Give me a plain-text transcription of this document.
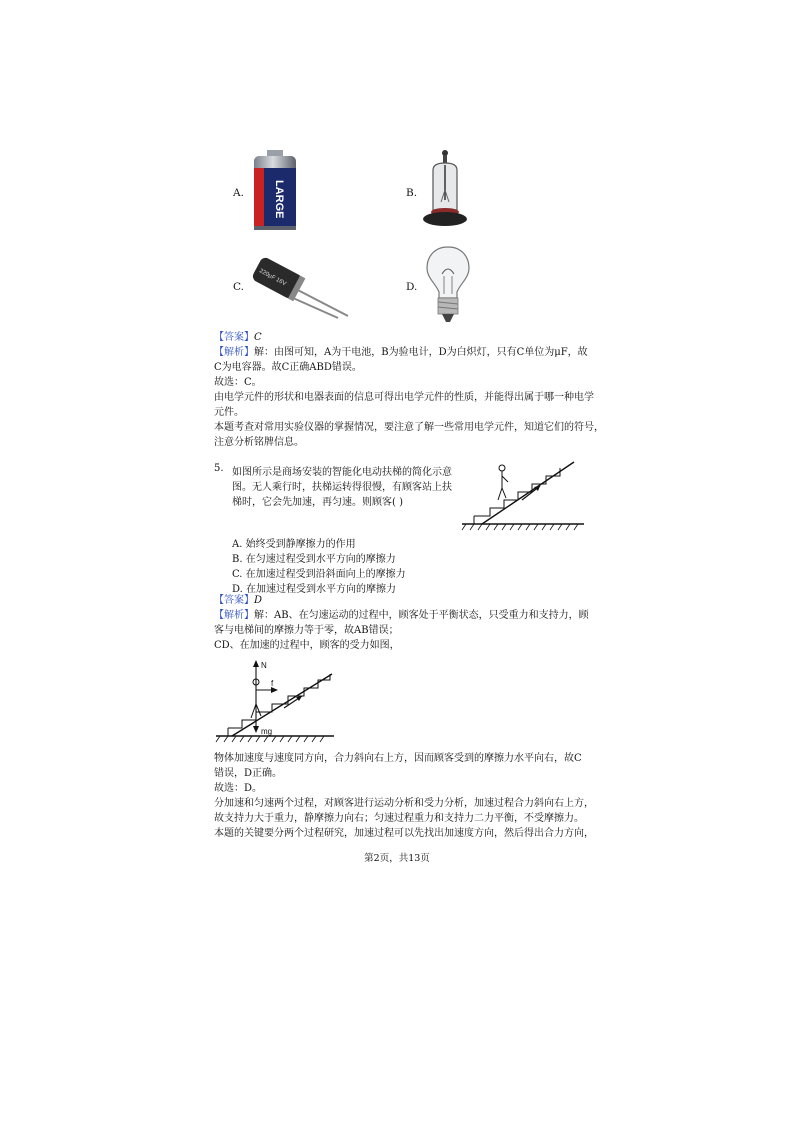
A.	B.
C.	D.
LARGE
220μF 16V
【答案】C
【解析】解：由图可知，A为干电池，B为验电计，D为白炽灯，只有C单位为μF，故
C为电容器。故C正确ABD错误。
故选：C。
由电学元件的形状和电器表面的信息可得出电学元件的性质，并能得出属于哪一种电学
元件。
本题考查对常用实验仪器的掌握情况，要注意了解一些常用电学元件，知道它们的符号，
注意分析铭牌信息。
5. 如图所示是商场安装的智能化电动扶梯的简化示意
图。无人乘行时，扶梯运转得很慢，有顾客站上扶
梯时，它会先加速，再匀速。则顾客( )
A. 始终受到静摩擦力的作用
B. 在匀速过程受到水平方向的摩擦力
C. 在加速过程受到沿斜面向上的摩擦力
D. 在加速过程受到水平方向的摩擦力
【答案】D
【解析】解：AB、在匀速运动的过程中，顾客处于平衡状态，只受重力和支持力，顾
客与电梯间的摩擦力等于零，故AB错误；
CD、在加速的过程中，顾客的受力如图，
N
f
mg
物体加速度与速度同方向，合力斜向右上方，因而顾客受到的摩擦力水平向右，故C
错误，D正确。
故选：D。
分加速和匀速两个过程，对顾客进行运动分析和受力分析，加速过程合力斜向右上方，
故支持力大于重力，静摩擦力向右；匀速过程重力和支持力二力平衡，不受摩擦力。
本题的关键要分两个过程研究，加速过程可以先找出加速度方向，然后得出合力方向，
第2页，共13页
